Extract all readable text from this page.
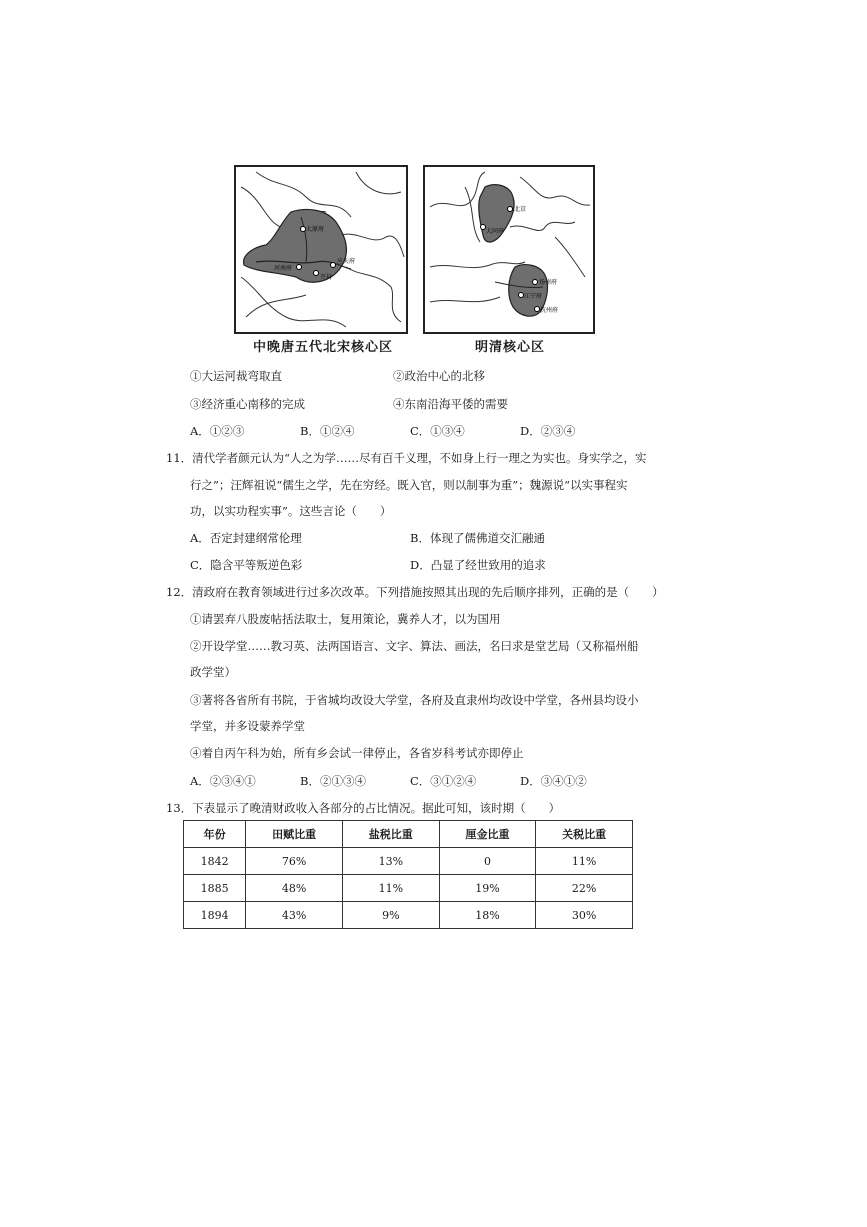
太原府
河南府
开封
应天府
中晚唐五代北宋核心区
北京
大同府
扬州府
江宁府
杭州府
明清核心区
①大运河裁弯取直	②政治中心的北移
③经济重心南移的完成	④东南沿海平倭的需要
A．①②③	B．①②④	C．①③④	D．②③④
11．清代学者颜元认为“人之为学……尽有百千义理，不如身上行一理之为实也。身实学之，实
行之”；汪辉祖说“儒生之学，先在穷经。既入官，则以制事为重”；魏源说“以实事程实
功，以实功程实事”。这些言论（　　）
A．否定封建纲常伦理	B．体现了儒佛道交汇融通
C．隐含平等叛逆色彩	D．凸显了经世致用的追求
12．清政府在教育领域进行过多次改革。下列措施按照其出现的先后顺序排列，正确的是（　　）
①请罢弃八股废帖括法取士，复用策论，冀养人才，以为国用
②开设学堂……教习英、法两国语言、文字、算法、画法，名曰求是堂艺局（又称福州船
政学堂）
③著将各省所有书院，于省城均改设大学堂，各府及直隶州均改设中学堂，各州县均设小
学堂，并多设蒙养学堂
④着自丙午科为始，所有乡会试一律停止，各省岁科考试亦即停止
A．②③④①	B．②①③④	C．③①②④	D．③④①②
13．下表显示了晚清财政收入各部分的占比情况。据此可知，该时期（　　）
年份	田赋比重	盐税比重	厘金比重	关税比重
1842	76%	13%	0	11%
1885	48%	11%	19%	22%
1894	43%	9%	18%	30%
